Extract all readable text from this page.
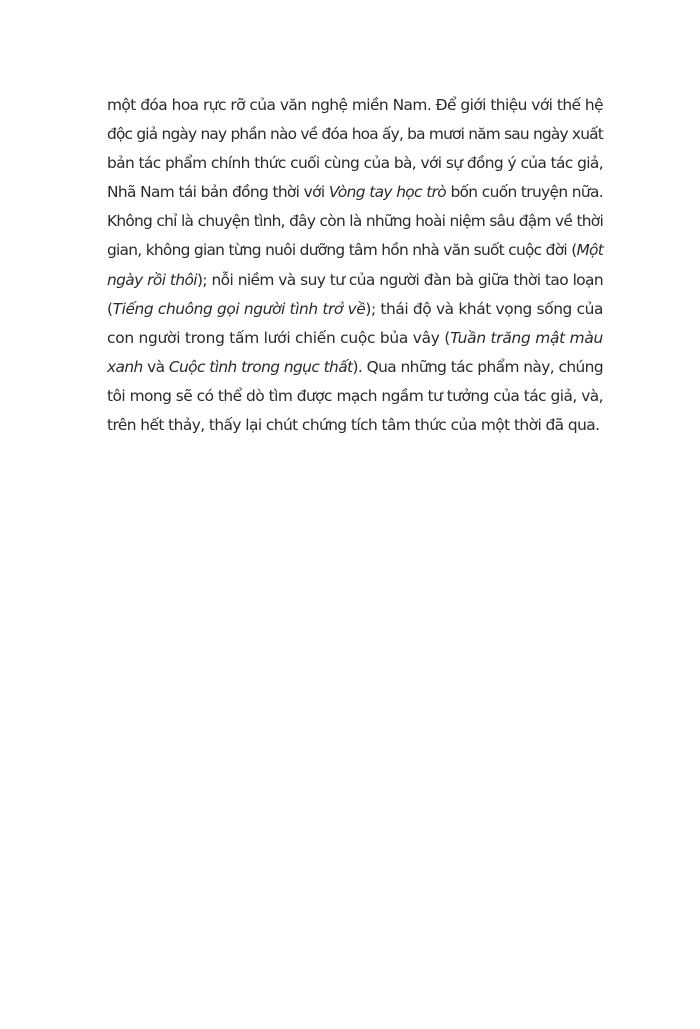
một đóa hoa rực rỡ của văn nghệ miền Nam. Để giới thiệu với thế hệ
độc giả ngày nay phần nào về đóa hoa ấy, ba mươi năm sau ngày xuất
bản tác phẩm chính thức cuối cùng của bà, với sự đồng ý của tác giả,
Nhã Nam tái bản đồng thời với Vòng tay học trò bốn cuốn truyện nữa.
Không chỉ là chuyện tình, đây còn là những hoài niệm sâu đậm về thời
gian, không gian từng nuôi dưỡng tâm hồn nhà văn suốt cuộc đời (Một
ngày rồi thôi); nỗi niềm và suy tư của người đàn bà giữa thời tao loạn
(Tiếng chuông gọi người tình trở về); thái độ và khát vọng sống của
con người trong tấm lưới chiến cuộc bủa vây (Tuần trăng mật màu
xanh và Cuộc tình trong ngục thất). Qua những tác phẩm này, chúng
tôi mong sẽ có thể dò tìm được mạch ngầm tư tưởng của tác giả, và,
trên hết thảy, thấy lại chút chứng tích tâm thức của một thời đã qua.
